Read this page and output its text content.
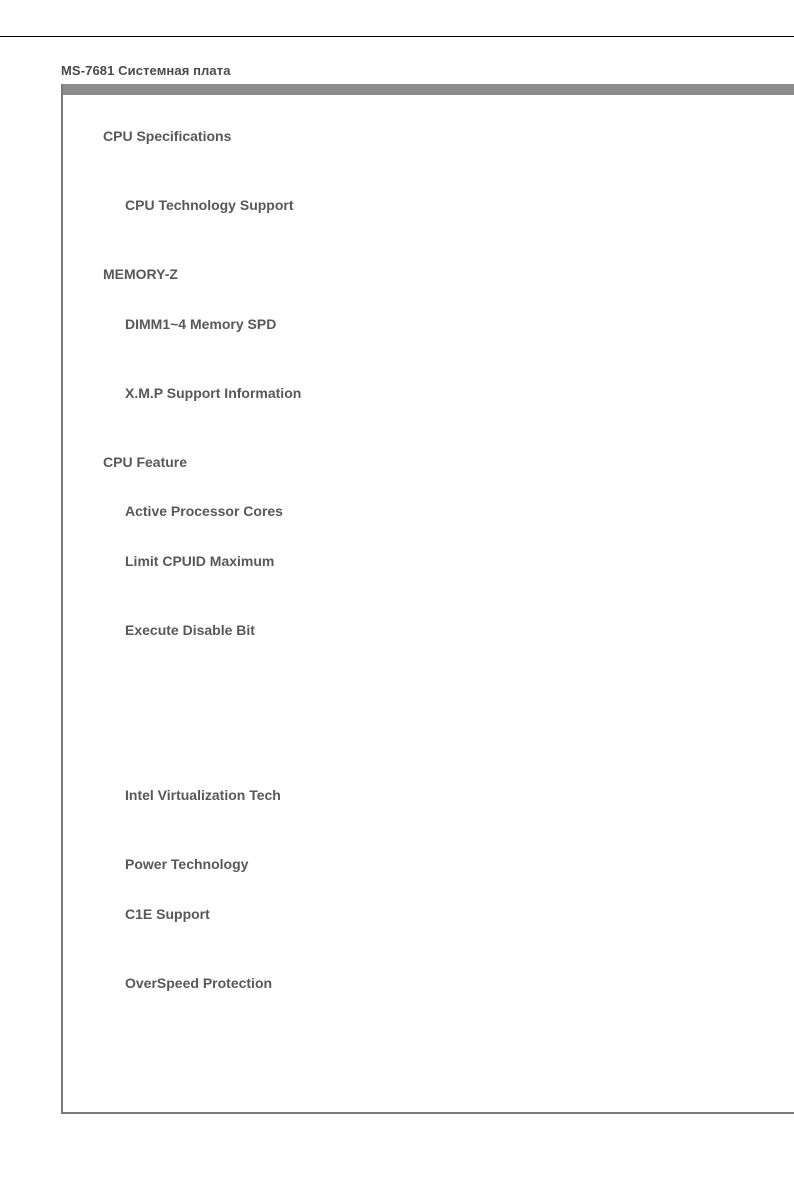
MS-7681 Системная плата
CPU Specifications
CPU Technology Support
MEMORY-Z
DIMM1~4 Memory SPD
X.M.P Support Information
CPU Feature
Active Processor Cores
Limit CPUID Maximum
Execute Disable Bit
Intel Virtualization Tech
Power Technology
C1E Support
OverSpeed Protection
